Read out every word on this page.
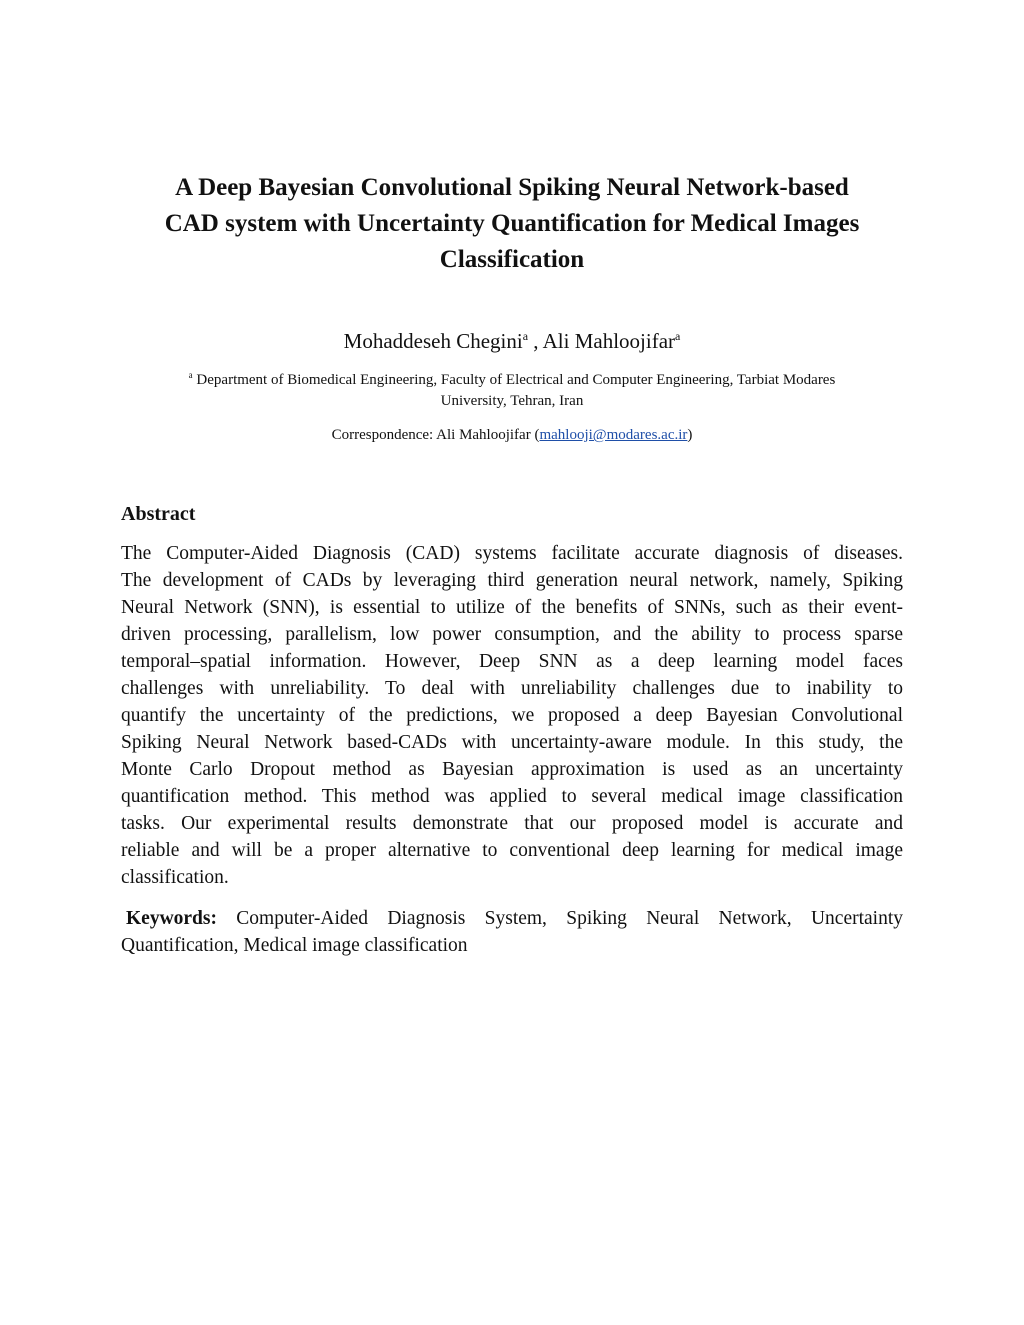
A Deep Bayesian Convolutional Spiking Neural Network-based
CAD system with Uncertainty Quantification for Medical Images
Classification
Mohaddeseh Chegini$^a$ , Ali Mahloojifar$^a$
$^a$ Department of Biomedical Engineering, Faculty of Electrical and Computer Engineering, Tarbiat Modares
University, Tehran, Iran
Correspondence: Ali Mahloojifar (mahlooji@modares.ac.ir)
Abstract
The Computer-Aided Diagnosis (CAD) systems facilitate accurate diagnosis of diseases.
The development of CADs by leveraging third generation neural network, namely, Spiking
Neural Network (SNN), is essential to utilize of the benefits of SNNs, such as their event-
driven processing, parallelism, low power consumption, and the ability to process sparse
temporal–spatial information. However, Deep SNN as a deep learning model faces
challenges with unreliability. To deal with unreliability challenges due to inability to
quantify the uncertainty of the predictions, we proposed a deep Bayesian Convolutional
Spiking Neural Network based-CADs with uncertainty-aware module. In this study, the
Monte Carlo Dropout method as Bayesian approximation is used as an uncertainty
quantification method. This method was applied to several medical image classification
tasks. Our experimental results demonstrate that our proposed model is accurate and
reliable and will be a proper alternative to conventional deep learning for medical image
classification.
Keywords: Computer-Aided Diagnosis System, Spiking Neural Network, Uncertainty
Quantification, Medical image classification
